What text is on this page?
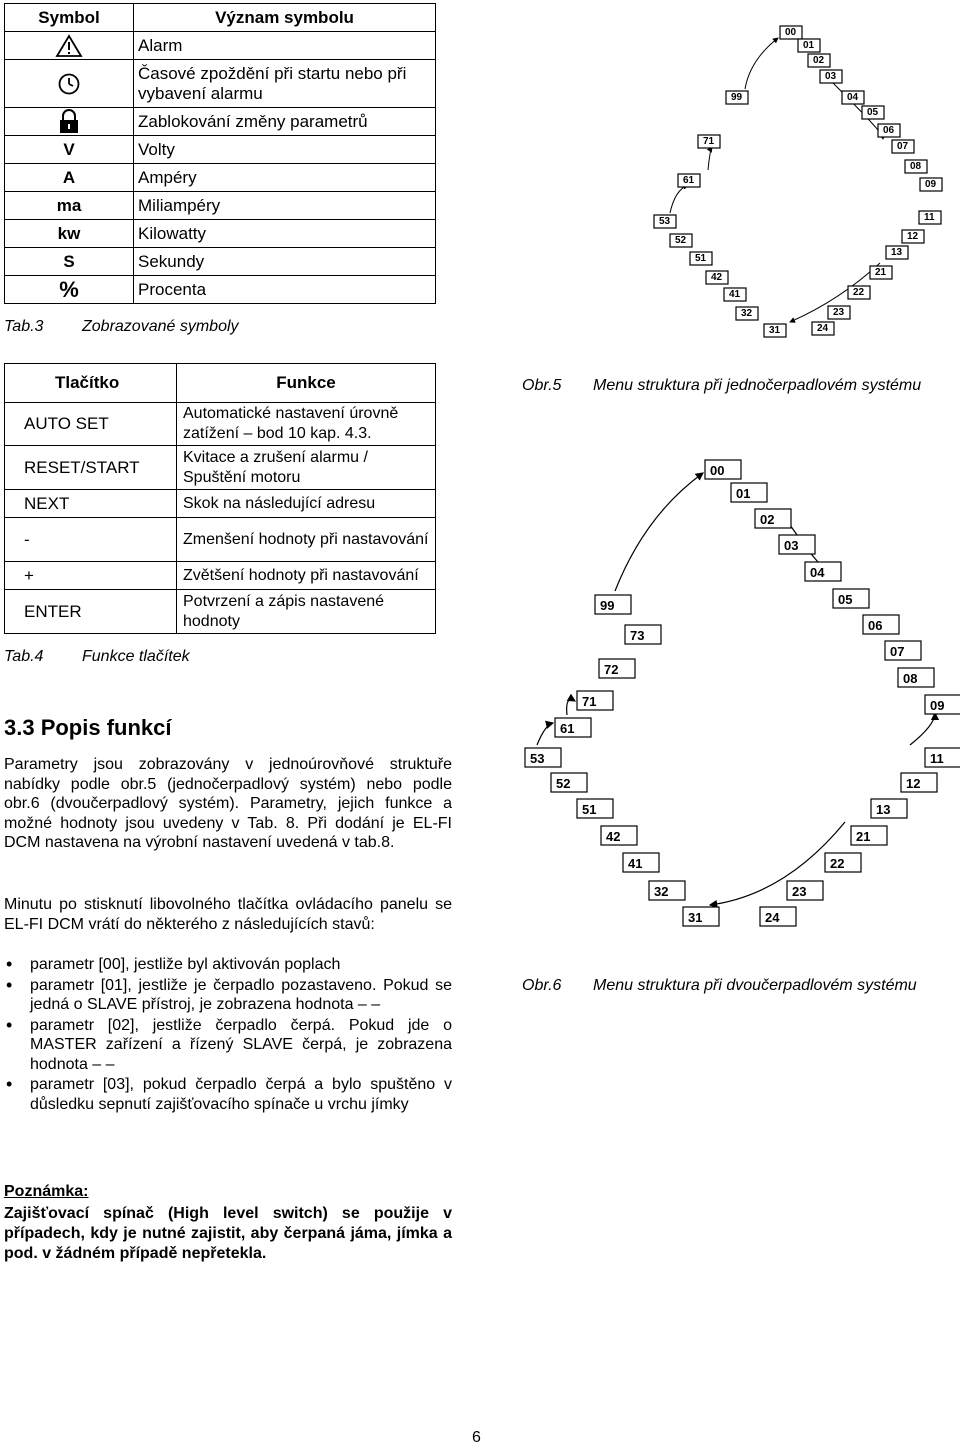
Symbol	Význam symbolu
	Alarm
	Časové zpoždění při startu nebo při vybavení alarmu
	Zablokování změny parametrů
V	Volty
A	Ampéry
ma	Miliampéry
kw	Kilowatty
S	Sekundy
%	Procenta
Tab.3 Zobrazované symboly
Tlačítko	Funkce
AUTO SET	Automatické nastavení úrovně zatížení – bod 10 kap. 4.3.
RESET/START	Kvitace a zrušení alarmu / Spuštění motoru
NEXT	Skok na následující adresu
-	Zmenšení hodnoty při nastavování
+	Zvětšení hodnoty při nastavování
ENTER	Potvrzení a zápis nastavené hodnoty
Tab.4 Funkce tlačítek
3.3 Popis funkcí

Parametry jsou zobrazovány v jednoúrovňové struktuře nabídky podle obr.5 (jednočerpadlový systém) nebo podle obr.6 (dvoučerpadlový systém). Parametry, jejich funkce a možné hodnoty jsou uvedeny v Tab. 8. Při dodání je EL-FI DCM nastavena na výrobní nastavení uvedená v tab.8.

Minutu po stisknutí libovolného tlačítka ovládacího panelu se EL-FI DCM vrátí do některého z následujících stavů:

• parametr [00], jestliže byl aktivován poplach
• parametr [01], jestliže je čerpadlo pozastaveno. Pokud se jedná o SLAVE přístroj, je zobrazena hodnota – –
• parametr [02], jestliže čerpadlo čerpá. Pokud jde o MASTER zařízení a řízený SLAVE čerpá, je zobrazena hodnota – –
• parametr [03], pokud čerpadlo čerpá a bylo spuštěno v důsledku sepnutí zajišťovacího spínače u vrchu jímky
Poznámka:
Zajišťovací spínač (High level switch) se použije v případech, kdy je nutné zajistit, aby čerpaná jáma, jímka a pod. v žádném případě nepřetekla.
00
01
02
03
04
05
06
07
08
09
11
12
13
21
22
23
24
31
32
41
42
51
52
53
61
71
99
Obr.5 Menu struktura při jednočerpadlovém systému
00
01
02
03
04
05
06
07
08
09
11
12
13
21
22
23
24
31
32
41
42
51
52
53
61
71
72
73
99
Obr.6 Menu struktura při dvoučerpadlovém systému
6
